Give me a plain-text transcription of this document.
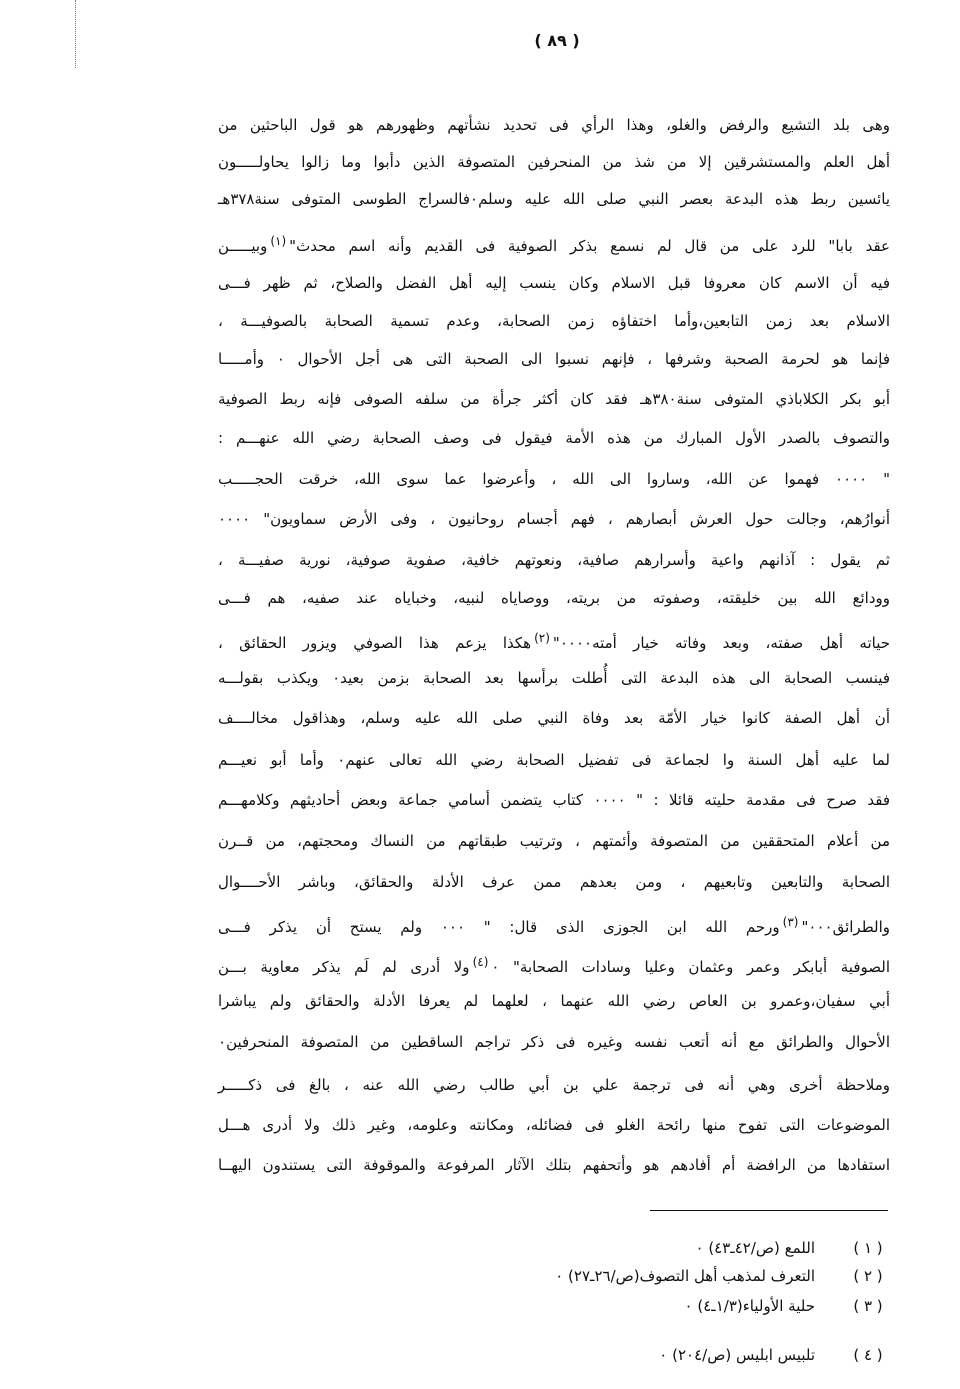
( ٨٩ )
وهى بلد التشيع والرفض والغلو، وهذا الرأي فى تحديد نشأتهم وظهورهم هو قول الباحثين من
أهل العلم والمستشرقين إلا من شذ من المنحرفين المتصوفة الذين دأبوا وما زالوا يحاولـــــون
يائسين ربط هذه البدعة بعصر النبي صلى الله عليه وسلم٠فالسراج الطوسى المتوفى سنة٣٧٨هـ
عقد بابا" للرد على من قال لم نسمع بذكر الصوفية فى القديم وأنه اسم محدث"$^{(١)}$وبيـــــن
فيه أن الاسم كان معروفا قبل الاسلام وكان ينسب إليه أهل الفضل والصلاح، ثم ظهر فـــى
الاسلام بعد زمن التابعين،وأما اختفاؤه زمن الصحابة، وعدم تسمية الصحابة بالصوفيـــة ،
فإنما هو لحرمة الصحبة وشرفها ، فإنهم نسبوا الى الصحبة التى هى أجل الأحوال ٠ وأمـــــا
أبو بكر الكلاباذي المتوفى سنة٣٨٠هـ فقد كان أكثر جرأة من سلفه الصوفى فإنه ربط الصوفية
والتصوف بالصدر الأول المبارك من هذه الأمة فيقول فى وصف الصحابة رضي الله عنهـــم :
" ٠٠٠٠ فهموا عن الله، وساروا الى الله ، وأعرضوا عما سوى الله، خرقت الحجـــــب
أنوارُهم، وجالت حول العرش أبصارهم ، فهم أجسام روحانيون ، وفى الأرض سماويون" ٠٠٠٠
ثم يقول : آذانهم واعية وأسرارهم صافية، ونعوتهم خافية، صفوية صوفية، نورية صفيـــة ،
وودائع الله بين خليقته، وصفوته من بريته، ووصاياه لنبيه، وخباياه عند صفيه، هم فـــى
حياته أهل صفته، وبعد وفاته خيار أمته٠٠٠٠"$^{(٢)}$هكذا يزعم هذا الصوفي ويزور الحقائق ،
فينسب الصحابة الى هذه البدعة التى أُطلت برأسها بعد الصحابة بزمن بعيد٠ ويكذب بقولـــه
أن أهل الصفة كانوا خيار الأمّة بعد وفاة النبي صلى الله عليه وسلم، وهذاقول مخالــــف
لما عليه أهل السنة وا لجماعة فى تفضيل الصحابة رضي الله تعالى عنهم٠ وأما أبو نعيـــم
فقد صرح فى مقدمة حليته قائلا : " ٠٠٠٠ كتاب يتضمن أسامي جماعة وبعض أحاديثهم وكلامهـــم
من أعلام المتحققين من المتصوفة وأئمتهم ، وترتيب طبقاتهم من النساك ومحجتهم، من قــرن
الصحابة والتابعين وتابعيهم ، ومن بعدهم ممن عرف الأدلة والحقائق، وباشر الأحــــوال
والطرائق٠٠٠"$^{(٣)}$ورحم الله ابن الجوزى الذى قال: " ٠٠٠ ولم يستح أن يذكر فـــى
الصوفية أبابكر وعمر وعثمان وعليا وسادات الصحابة" ٠$^{(٤)}$ولا أدرى لم لَم يذكر معاوية بـــن
أبي سفيان،وعمرو بن العاص رضي الله عنهما ، لعلهما لم يعرفا الأدلة والحقائق ولم يباشرا
الأحوال والطرائق مع أنه أتعب نفسه وغيره فى ذكر تراجم الساقطين من المتصوفة المنحرفين٠
وملاحظة أخرى وهي أنه فى ترجمة علي بن أبي طالب رضي الله عنه ، بالغ فى ذكـــــر
الموضوعات التى تفوح منها رائحة الغلو فى فضائله، ومكانته وعلومه، وغير ذلك ولا أدرى هـــل
استفادها من الرافضة أم أفادهم هو وأتحفهم بتلك الآثار المرفوعة والموقوفة التى يستندون اليهــا
( ١ )
اللمع (ص/٤٢ـ٤٣) ٠
( ٢ )
التعرف لمذهب أهل التصوف(ص/٢٦ـ٢٧) ٠
( ٣ )
حلية الأولياء(١/٣ـ٤) ٠
( ٤ )
تلبيس ابليس (ص/٢٠٤) ٠
